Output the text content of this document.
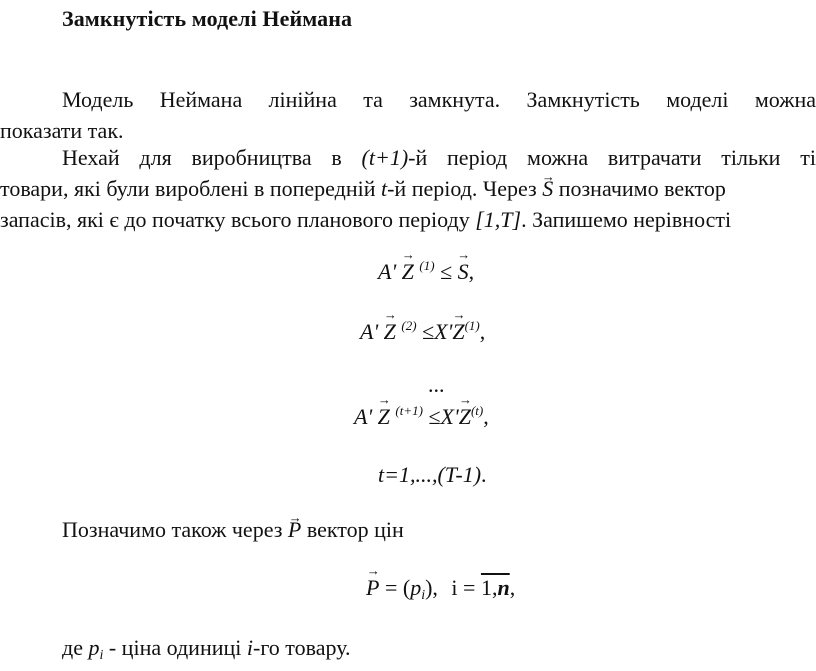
Замкнутість моделі Неймана
Модель Неймана лінійна та замкнута. Замкнутість моделі можна
показати так.
Нехай для виробництва в (t+1)-й період можна витрачати тільки ті
товари, які були вироблені в попередній t-й період. Через → S позначимо вектор
запасів, які є до початку всього планового періоду [1,T]. Запишемо нерівності
A' → Z $^{(1)}$ ≤ → S,
A' → Z $^{(2)} \le X'\to Z^{(1)}$,
...
A' → Z $^{(t+1)} \le X'\to Z^{(t)}$,
t=1,...,(T-1).
Позначимо також через → P вектор цін
→ $P = (p_i)$, i = 1,n,
де $p_i$ - ціна одиниці i-го товару.
